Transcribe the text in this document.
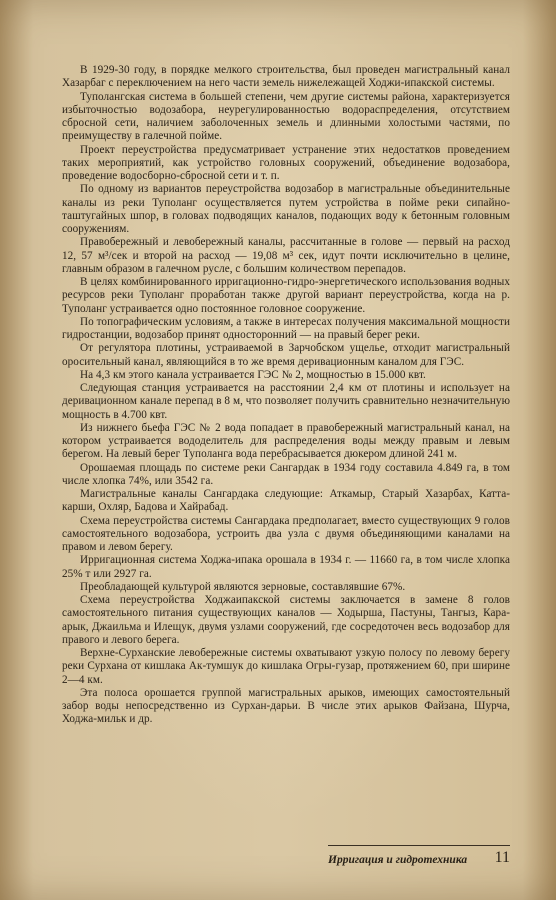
В 1929-30 году, в порядке мелкого строительства, был проведен магистральный канал Хазарбаг с переключением на него части земель нижележащей Ходжи-ипакской системы.

Туполангская система в большей степени, чем другие системы района, характеризуется избыточностью водозабора, неурегулированностью водораспределения, отсутствием сбросной сети, наличием заболоченных земель и длинными холостыми частями, по преимуществу в галечной пойме.

Проект переустройства предусматривает устранение этих недостатков проведением таких мероприятий, как устройство головных сооружений, объединение водозабора, проведение водосборно-сбросной сети и т. п.

По одному из вариантов переустройства водозабор в магистральные объединительные каналы из реки Туполанг осуществляется путем устройства в пойме реки сипайно-таштугайных шпор, в головах подводящих каналов, подающих воду к бетонным головным сооружениям.

Правобережный и левобережный каналы, рассчитанные в голове — первый на расход 12, 57 м³/сек и второй на расход — 19,08 м³ сек, идут почти исключительно в целине, главным образом в галечном русле, с большим количеством перепадов.

В целях комбинированного ирригационно-гидро-энергетического использования водных ресурсов реки Туполанг проработан также другой вариант переустройства, когда на р. Туполанг устраивается одно постоянное головное сооружение.

По топографическим условиям, а также в интересах получения максимальной мощности гидростанции, водозабор принят односторонний — на правый берег реки.

От регулятора плотины, устраиваемой в Зарчобском ущелье, отходит магистральный оросительный канал, являющийся в то же время деривационным каналом для ГЭС.

На 4,3 км этого канала устраивается ГЭС № 2, мощностью в 15.000 квт.

Следующая станция устраивается на расстоянии 2,4 км от плотины и использует на деривационном канале перепад в 8 м, что позволяет получить сравнительно незначительную мощность в 4.700 квт.

Из нижнего бьефа ГЭС № 2 вода попадает в правобережный магистральный канал, на котором устраивается вододелитель для распределения воды между правым и левым берегом. На левый берег Туполанга вода перебрасывается дюкером длиной 241 м.

Орошаемая площадь по системе реки Сангардак в 1934 году составила 4.849 га, в том числе хлопка 74%, или 3542 га.

Магистральные каналы Сангардака следующие: Аткамыр, Старый Хазарбах, Катта-карши, Охляр, Бадова и Хайрабад.

Схема переустройства системы Сангардака предполагает, вместо существующих 9 голов самостоятельного водозабора, устроить два узла с двумя объединяющими каналами на правом и левом берегу.

Ирригационная система Ходжа-ипака орошала в 1934 г. — 11660 га, в том числе хлопка 25% т или 2927 га.

Преобладающей культурой являются зерновые, составлявшие 67%.

Схема переустройства Ходжаипакской системы заключается в замене 8 голов самостоятельного питания существующих каналов — Ходырша, Пастуны, Тангыз, Кара-арык, Джаильма и Илещук, двумя узлами сооружений, где сосредоточен весь водозабор для правого и левого берега.

Верхне-Сурханские левобережные системы охватывают узкую полосу по левому берегу реки Сурхана от кишлака Ак-тумшук до кишлака Огры-гузар, протяжением 60, при ширине 2—4 км.

Эта полоса орошается группой магистральных арыков, имеющих самостоятельный забор воды непосредственно из Сурхан-дарьи. В числе этих арыков Файзана, Шурча, Ходжа-мильк и др.

Ирригация и гидротехника 11
